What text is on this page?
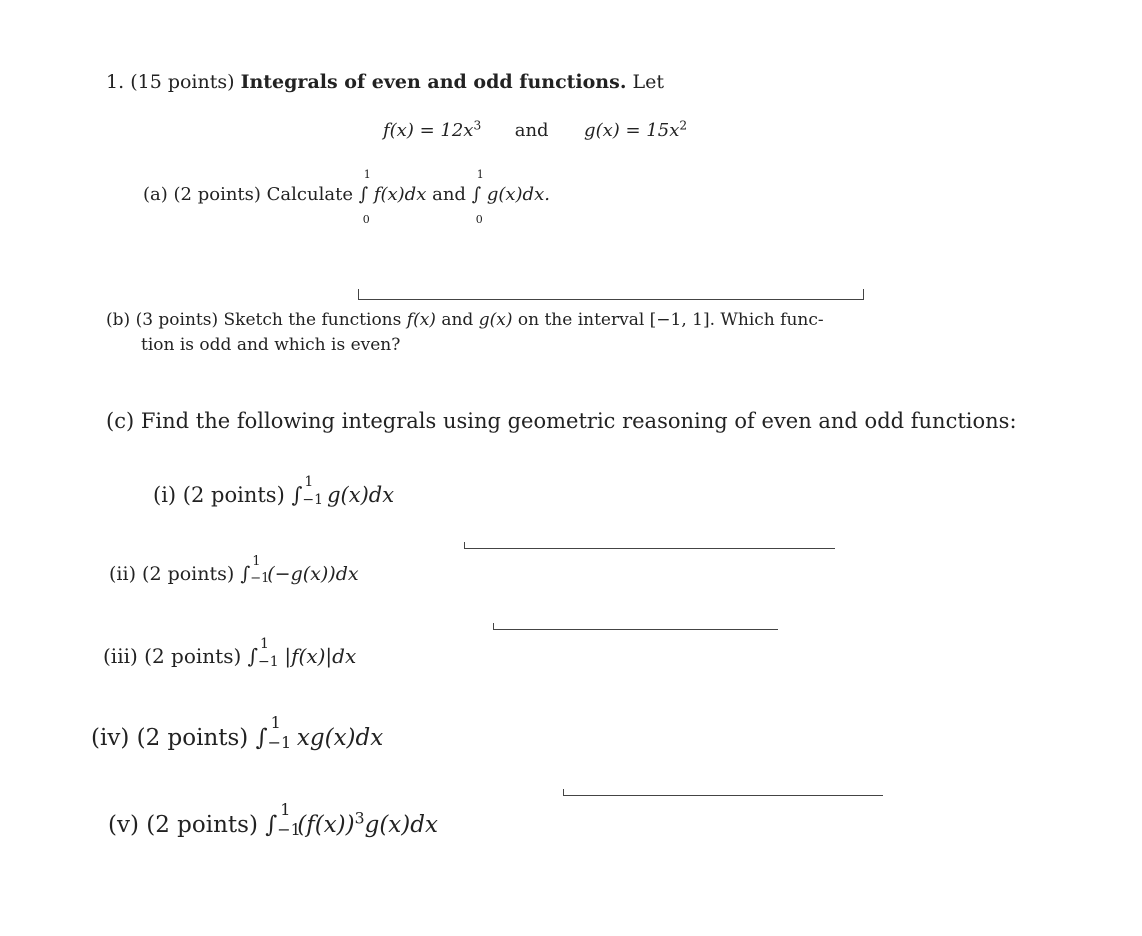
1. (15 points) Integrals of even and odd functions. Let
$f(x) = 12x^3$ and $g(x) = 15x^2$
(a) (2 points) Calculate
1
∫
0
f(x)dx and
1
∫
0
g(x)dx.
(b) (3 points) Sketch the functions f(x) and g(x) on the interval [−1, 1]. Which func-
tion is odd and which is even?
(c) Find the following integrals using geometric reasoning of even and odd functions:
(i) (2 points) ∫
1
−1 g(x)dx
(ii) (2 points) ∫
1
−1
(−g(x))dx
(iii) (2 points) ∫ 1
−1 |f(x)|dx
(iv) (2 points) ∫
1
−1 xg(x)dx
(v) (2 points) ∫
1
−1
$(f(x))^3g(x)dx$
